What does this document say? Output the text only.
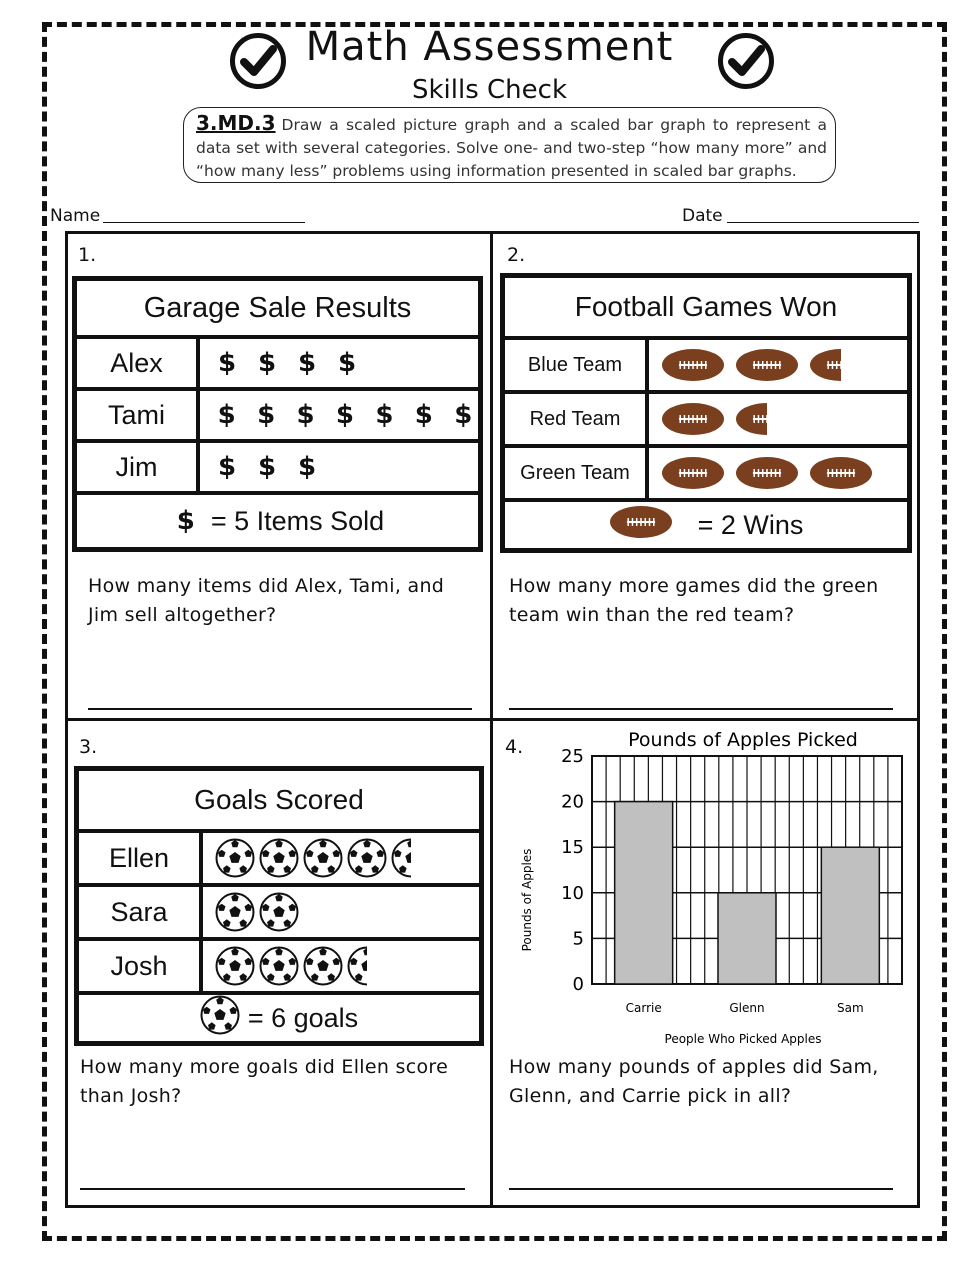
Math Assessment
Skills Check
3.MD.3 Draw a scaled picture graph and a scaled bar graph to represent a data set with several categories. Solve one- and two-step “how many more” and “how many less” problems using information presented in scaled bar graphs.
Name	Date
1.
Garage Sale Results
Alex	$ $ $ $
Tami	$ $ $ $ $ $ $
Jim	$ $ $
$ = 5 Items Sold
How many items did Alex, Tami, and Jim sell altogether?
2.
Football Games Won
Blue Team
Red Team
Green Team
= 2 Wins
How many more games did the green team win than the red team?
3.
Goals Scored
Ellen
Sara
Josh
= 6 goals
How many more goals did Ellen score than Josh?
4.	Pounds of Apples Picked
0
5
10
15
20
25
Carrie	Glenn	Sam
People Who Picked Apples
Pounds of Apples
How many pounds of apples did Sam, Glenn, and Carrie pick in all?
